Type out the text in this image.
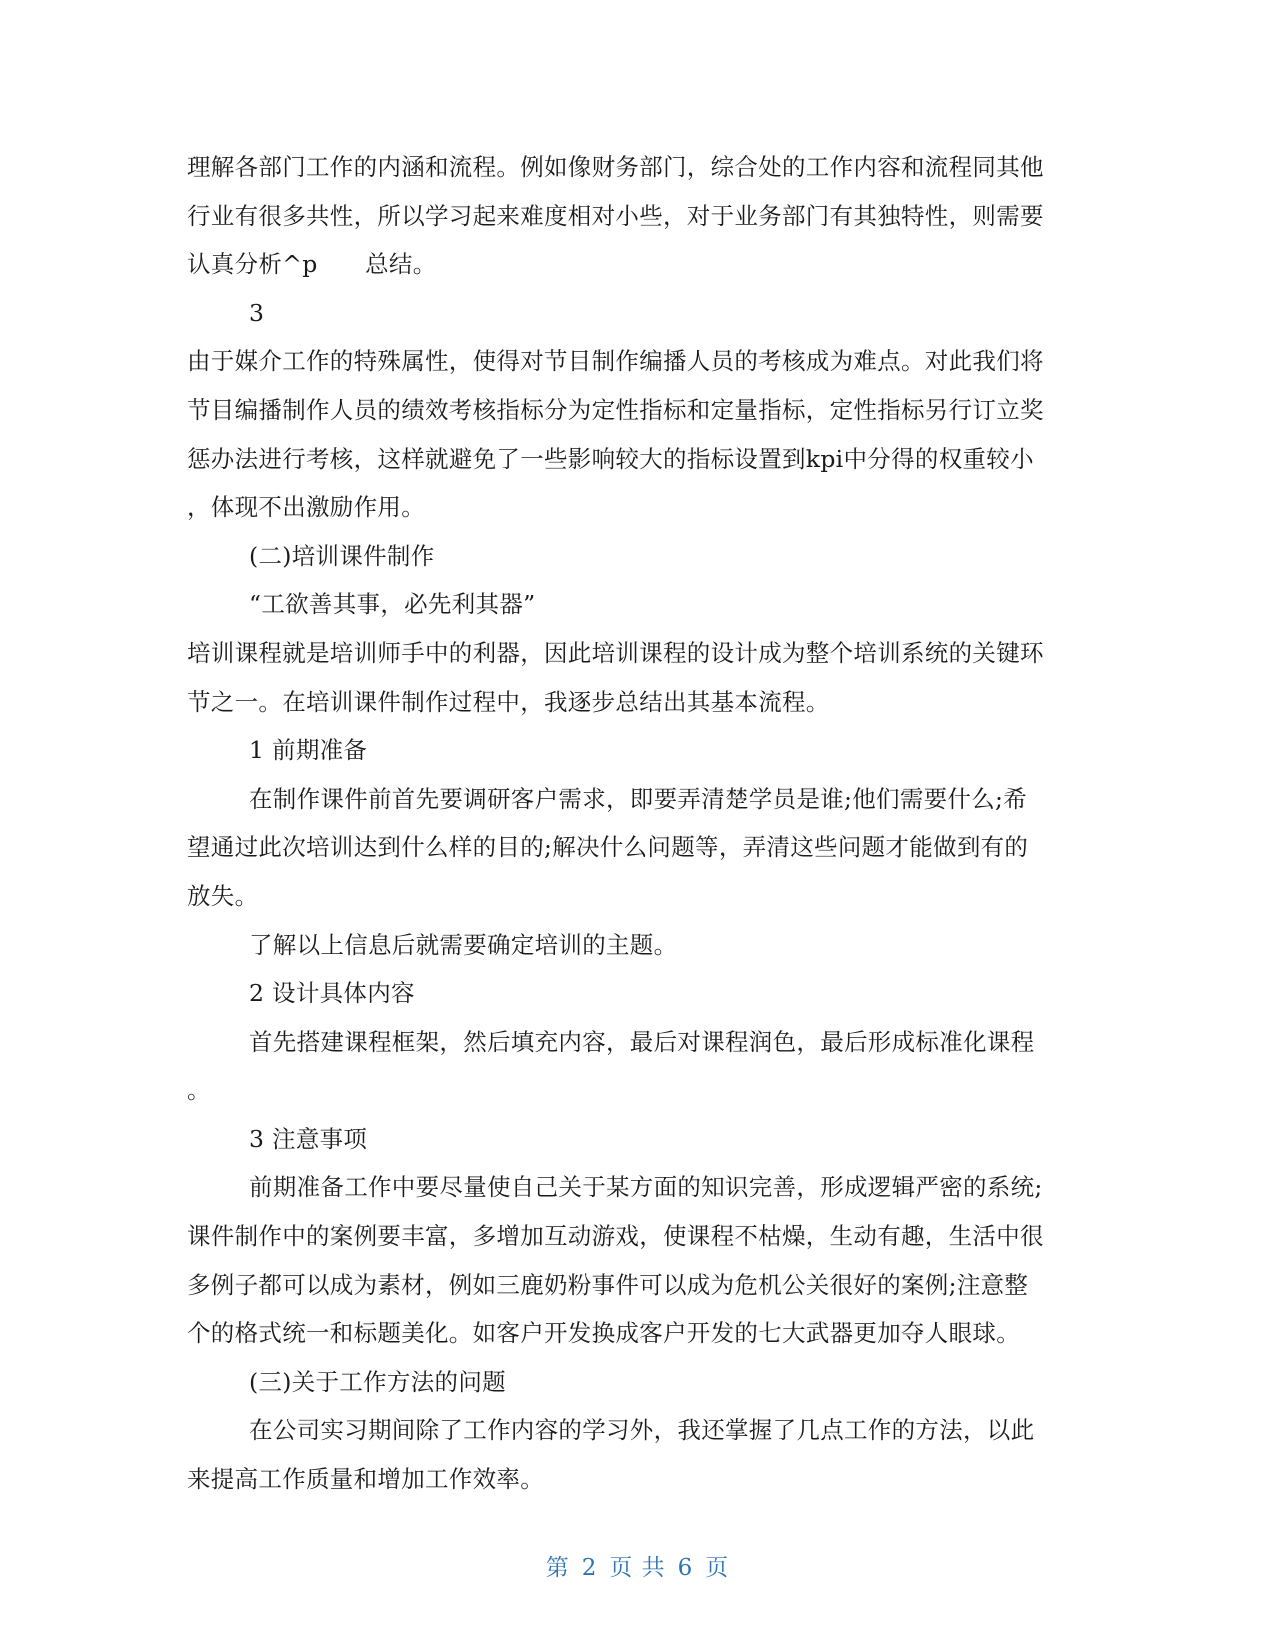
理解各部门工作的内涵和流程。例如像财务部门，综合处的工作内容和流程同其他
行业有很多共性，所以学习起来难度相对小些，对于业务部门有其独特性，则需要
认真分析^p　　总结。
3
由于媒介工作的特殊属性，使得对节目制作编播人员的考核成为难点。对此我们将
节目编播制作人员的绩效考核指标分为定性指标和定量指标，定性指标另行订立奖
惩办法进行考核，这样就避免了一些影响较大的指标设置到kpi中分得的权重较小
，体现不出激励作用。
(二)培训课件制作
“工欲善其事，必先利其器”
培训课程就是培训师手中的利器，因此培训课程的设计成为整个培训系统的关键环
节之一。在培训课件制作过程中，我逐步总结出其基本流程。
1 前期准备
在制作课件前首先要调研客户需求，即要弄清楚学员是谁;他们需要什么;希
望通过此次培训达到什么样的目的;解决什么问题等，弄清这些问题才能做到有的
放失。
了解以上信息后就需要确定培训的主题。
2 设计具体内容
首先搭建课程框架，然后填充内容，最后对课程润色，最后形成标准化课程
。
3 注意事项
前期准备工作中要尽量使自己关于某方面的知识完善，形成逻辑严密的系统;
课件制作中的案例要丰富，多增加互动游戏，使课程不枯燥，生动有趣，生活中很
多例子都可以成为素材，例如三鹿奶粉事件可以成为危机公关很好的案例;注意整
个的格式统一和标题美化。如客户开发换成客户开发的七大武器更加夺人眼球。
(三)关于工作方法的问题
在公司实习期间除了工作内容的学习外，我还掌握了几点工作的方法，以此
来提高工作质量和增加工作效率。
第 2 页 共 6 页
